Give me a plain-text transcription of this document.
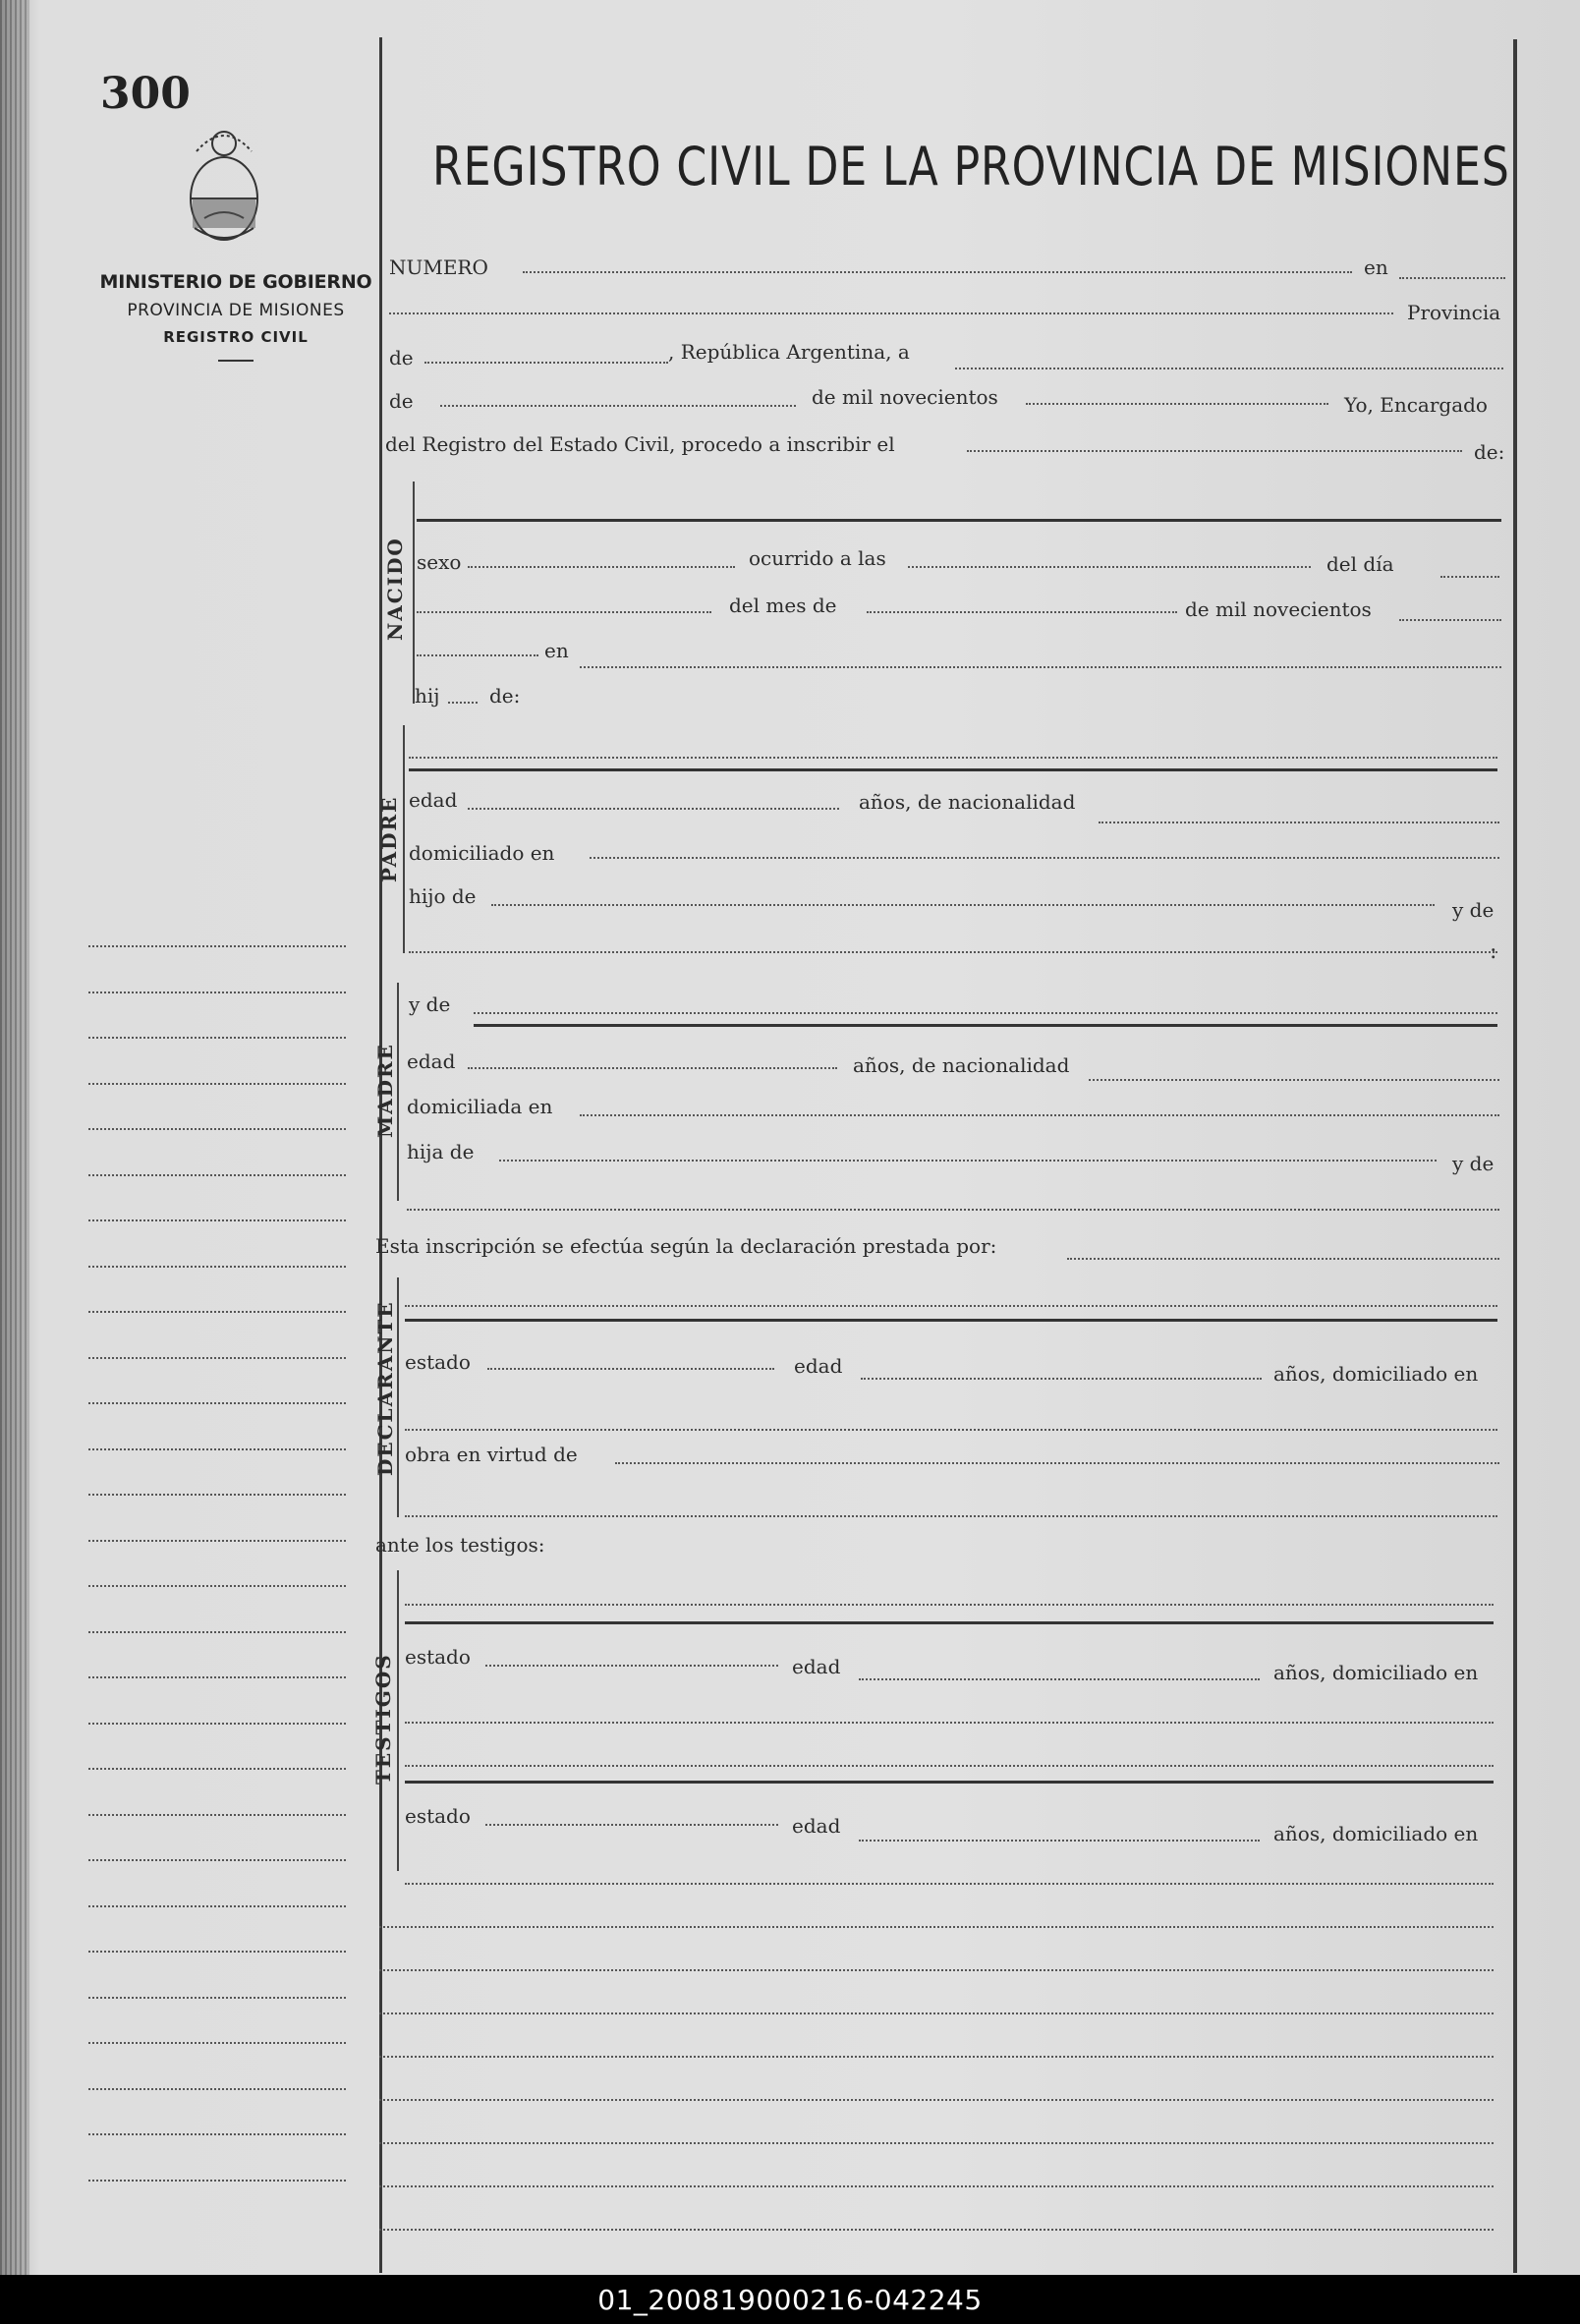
300
MINISTERIO DE GOBIERNO
PROVINCIA DE MISIONES
REGISTRO CIVIL
REGISTRO CIVIL DE LA PROVINCIA DE MISIONES
NUMERO	en
Provincia
de	, República Argentina, a
de	de mil novecientos	Yo, Encargado
del Registro del Estado Civil, procedo a inscribir el	de:
NACIDO sexo	ocurrido a las	del día
del mes de	de mil novecientos
en
hij	de:
PADRE edad	años, de nacionalidad
domiciliado en
hijo de
y de
:
MADRE
y de
edad	años, de nacionalidad
domiciliada en
hija de	y de
Esta inscripción se efectúa según la declaración prestada por:
DECLARANTE estado	edad	años, domiciliado en
obra en virtud de
ante los testigos:
TESTIGOS estado	edad	años, domiciliado en
estado	edad	años, domiciliado en
01_200819000216-042245
